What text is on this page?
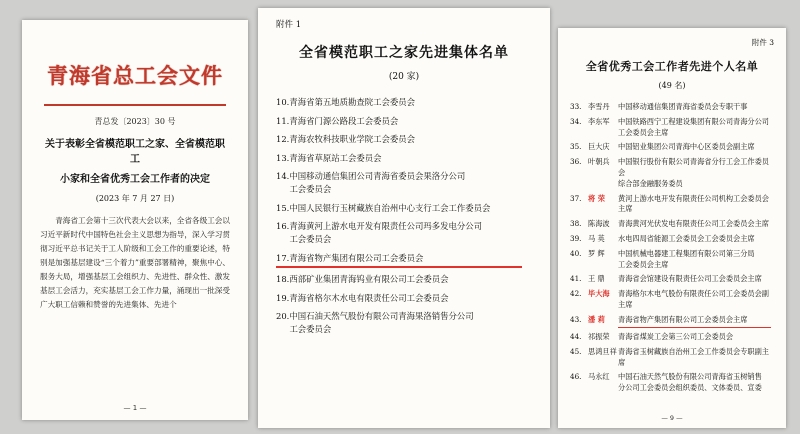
青海省总工会文件
青总发〔2023〕30 号
关于表彰全省模范职工之家、全省模范职工
小家和全省优秀工会工作者的决定
(2023 年 7 月 27 日)

青海省工会第十三次代表大会以来，全省各级工会以习近平新时代中国特色社会主义思想为指导，深入学习贯彻习近平总书记关于工人阶级和工会工作的重要论述，特别是加强基层建设“三个着力”重要部署精神，聚焦中心、服务大局，增强基层工会组织力、先进性、群众性、激发基层工会活力，充实基层工会工作力量，涌现出一批深受广大职工信赖和赞誉的先进集体、先进个

— 1 —
附件 1
全省模范职工之家先进集体名单
(20 家)
10.青海省第五地质勘查院工会委员会
11.青海省门源公路段工会委员会
12.青海农牧科技职业学院工会委员会
13.青海省草原站工会委员会
14.中国移动通信集团公司青海省委员会果洛分公司
工会委员会
15.中国人民银行玉树藏族自治州中心支行工会工作委员会
16.青海黄河上游水电开发有限责任公司玛多发电分公司
工会委员会
17.青海省物产集团有限公司工会委员会
18.西部矿业集团青海钨业有限公司工会委员会
19.青海省格尔木水电有限责任公司工会委员会
20.中国石油天然气股份有限公司青海果洛销售分公司
工会委员会
附件 3
全省优秀工会工作者先进个人名单
(49 名)
33. 李雪丹	中国移动通信集团青海省委员会专职干事
34. 李东军	中国铁路西宁工程建设集团有限公司青海分公司
工会委员会主席
35. 巨大庆	中国铝业集团公司青海中心区委员会副主席
36. 叶朝兵	中国银行股份有限公司青海省分行工会工作委员会
综合部金融服务委员
37. 将 荣	黄河上游水电开发有限责任公司机构工会委员会主席
38. 陈海波	青海黄河光伏发电有限责任公司工会委员会主席
39. 马 英	水电四局省能源工会委员会工会委员会主席
40. 罗 辉	中国机械电器建工程集团有限公司第三分局
工会委员会主席
41. 王 鼎	青海省会馆建设有限责任公司工会委员会主席
42. 毕大海	青海格尔木电气股份有限责任公司工会委员会副主席
43. 潘 莉	青海省物产集团有限公司工会委员会主席
44. 祁振荣	青海省煤炭工会第三公司工会委员会
45. 思鸿旦祥 青海省玉树藏族自治州工会工作委员会专职副主席
46. 马永红	中国石油天然气股份有限公司青海省玉树销售
分公司工会委员会组织委员、文体委员、宣委
— 9 —
